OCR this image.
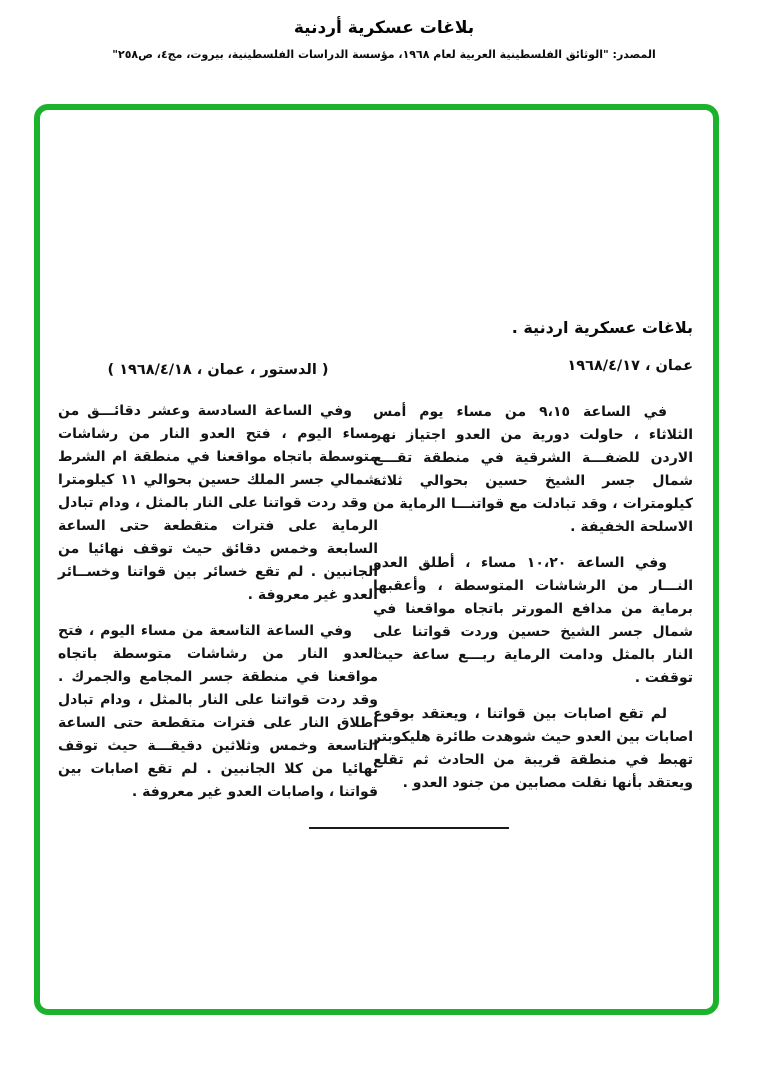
بلاغات عسكرية أردنية
المصدر: "الوثائق الفلسطينية العربية لعام ١٩٦٨، مؤسسة الدراسات الفلسطينية، بيروت، مج٤، ص٢٥٨"
بلاغات عسكرية اردنية .
عمان ، ١٩٦٨/٤/١٧

في الساعة ٩،١٥ من مساء يوم أمس الثلاثاء ، حاولت دورية من العدو اجتياز نهر الاردن للضفـــة الشرقية في منطقة تقـــع شمال جسر الشيخ حسين بحوالي ثلاثة كيلومترات ، وقد تبادلت مع قواتنـــا الرماية من الاسلحة الخفيفة .

وفي الساعة ١٠،٢٠ مساء ، أطلق العدو النـــار من الرشاشات المتوسطة ، وأعقبها برماية من مدافع المورتر باتجاه مواقعنا في شمال جسر الشيخ حسين وردت قواتنا على النار بالمثل ودامت الرماية ربـــع ساعة حيث توقفت .

لم تقع اصابات بين قواتنا ، ويعتقد بوقوع اصابات بين العدو حيث شوهدت طائرة هليكوبتر تهبط في منطقة قريبة من الحادث ثم تقلع ويعتقد بأنها نقلت مصابين من جنود العدو .

( الدستور ، عمان ، ١٩٦٨/٤/١٨ )

وفي الساعة السادسة وعشر دقائـــق من مساء اليوم ، فتح العدو النار من رشاشات متوسطة باتجاه مواقعنا في منطقة ام الشرط شمالي جسر الملك حسين بحوالي ١١ كيلومترا . وقد ردت قواتنا على النار بالمثل ، ودام تبادل الرماية على فترات متقطعة حتى الساعة السابعة وخمس دقائق حيث توقف نهائيا من الجانبين . لم تقع خسائر بين قواتنا وخســائر العدو غير معروفة .

وفي الساعة التاسعة من مساء اليوم ، فتح العدو النار من رشاشات متوسطة باتجاه مواقعنا في منطقة جسر المجامع والجمرك . وقد ردت قواتنا على النار بالمثل ، ودام تبادل اطلاق النار على فترات متقطعة حتى الساعة التاسعة وخمس وثلاثين دقيقـــة حيث توقف نهائيا من كلا الجانبين . لم تقع اصابات بين قواتنا ، واصابات العدو غير معروفة .
